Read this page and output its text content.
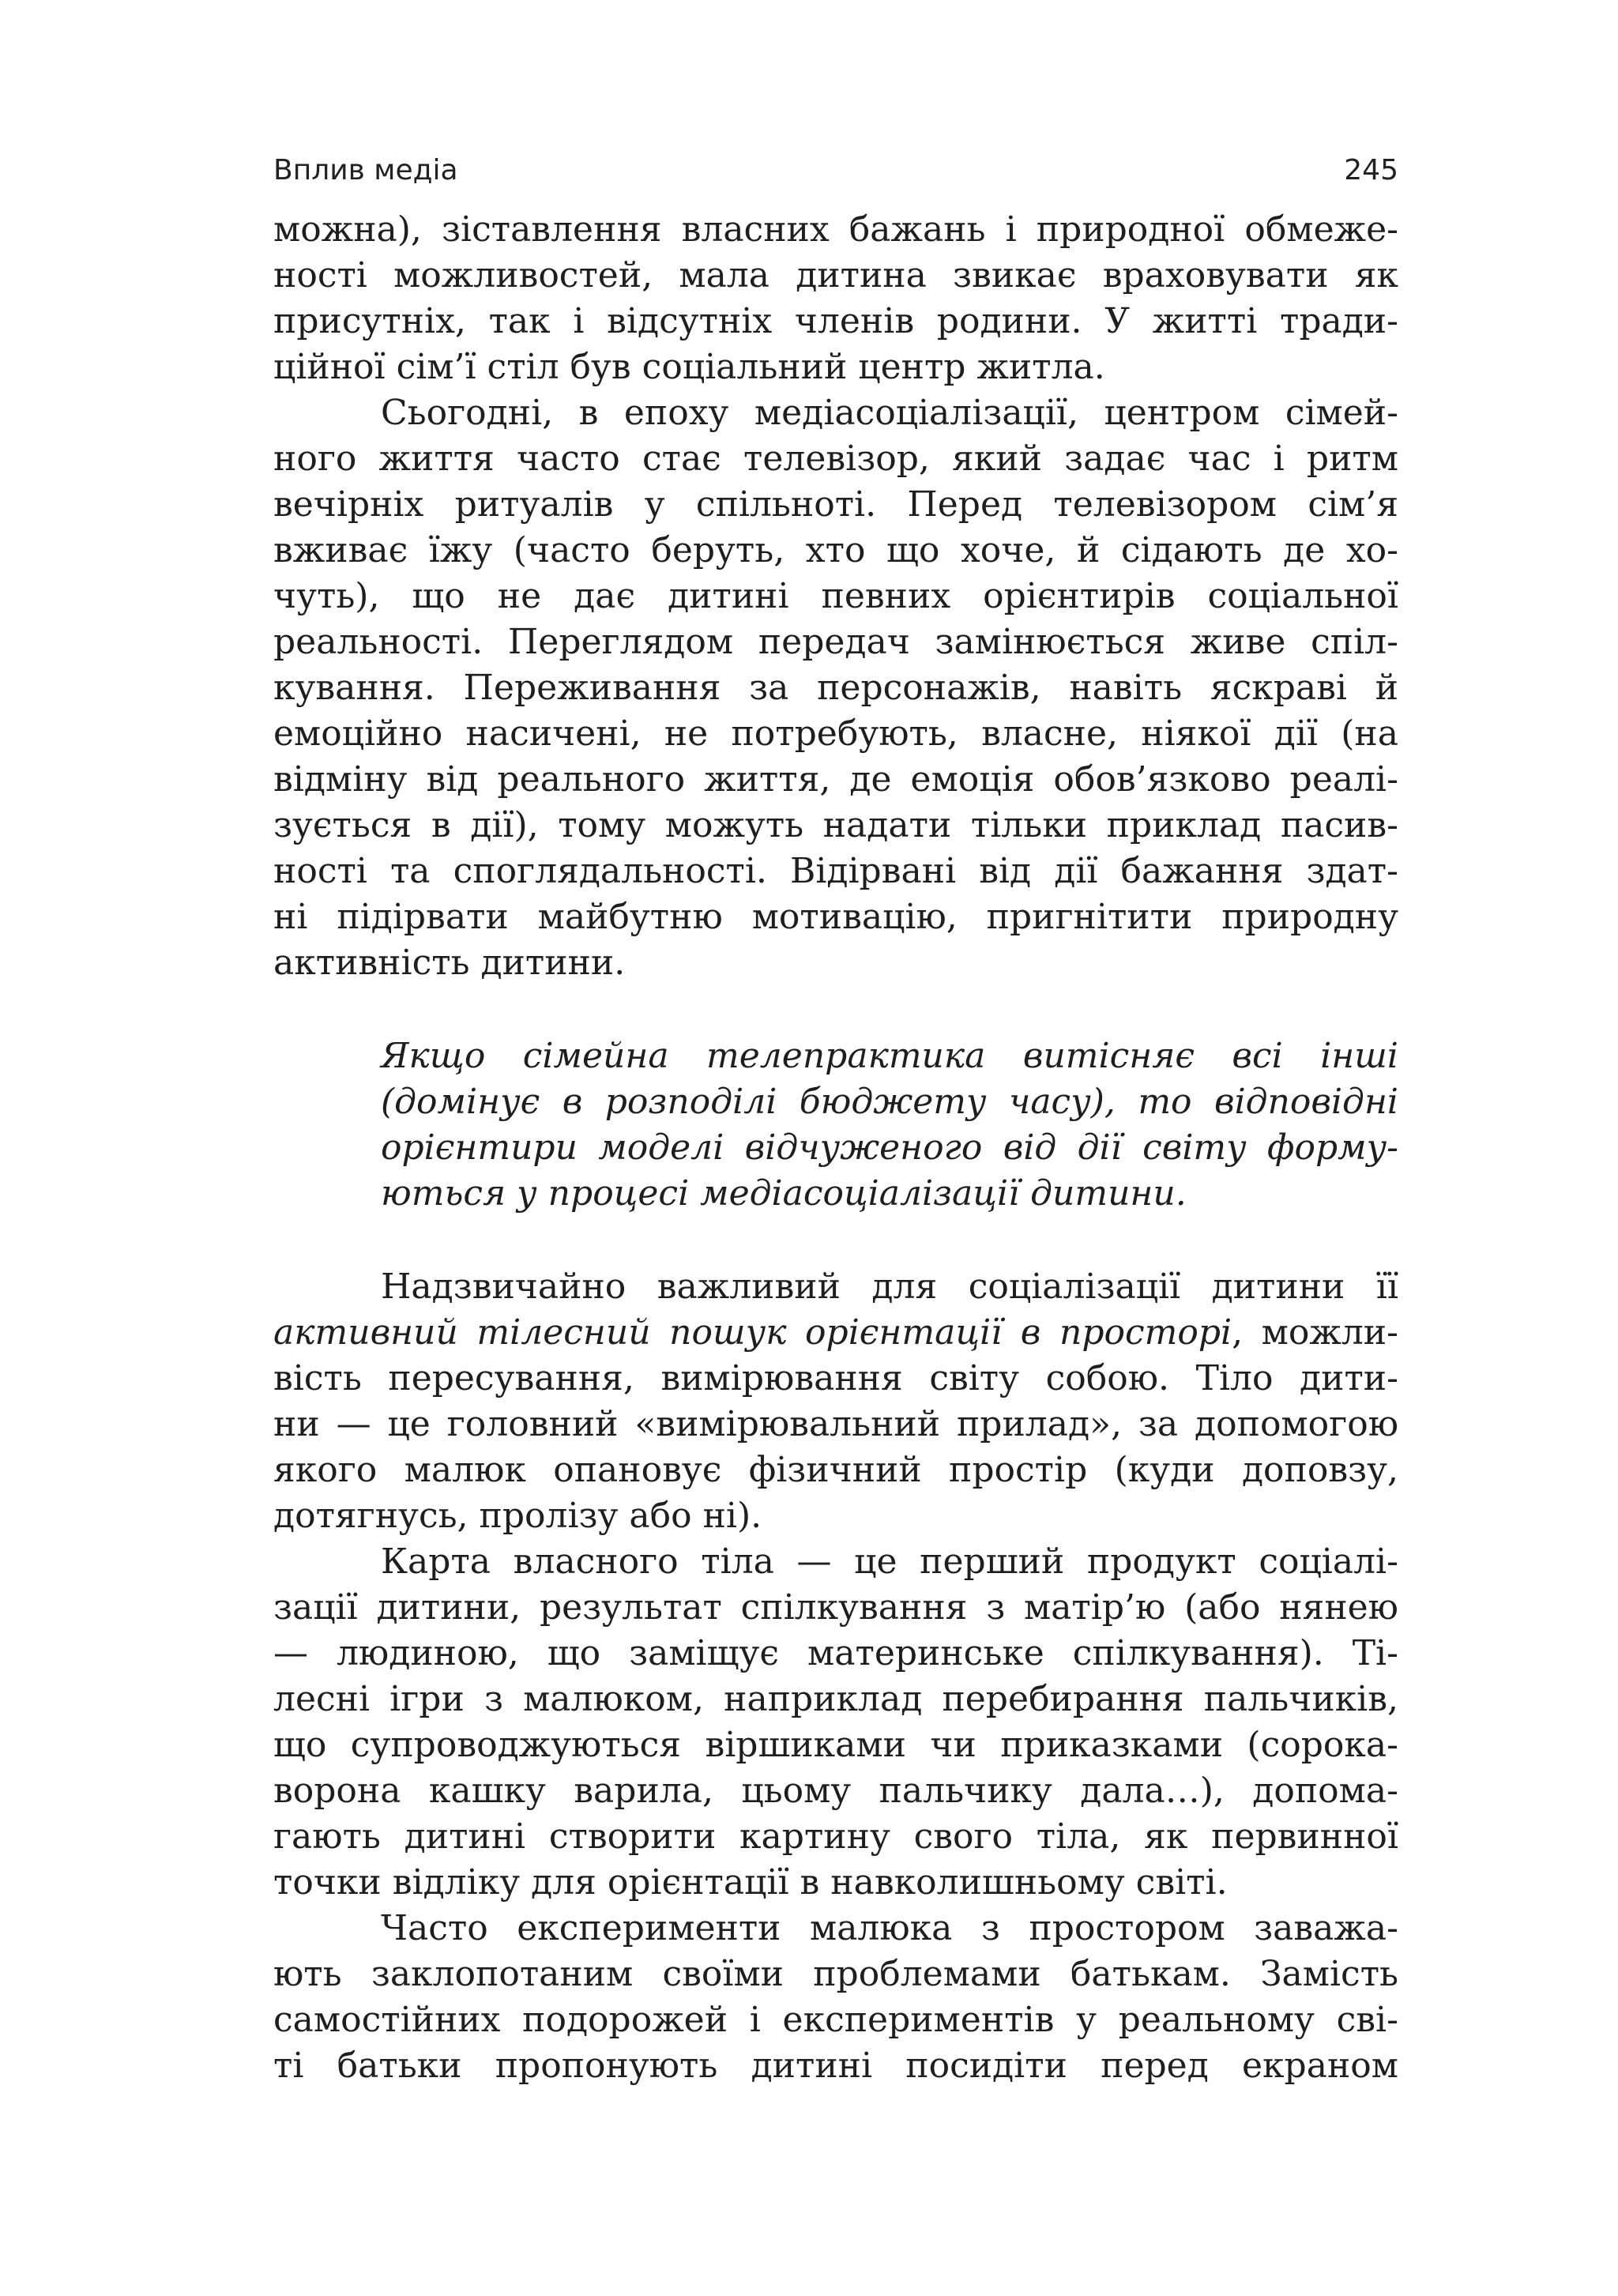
Вплив медіа	245
можна), зіставлення власних бажань і природної обмеже-
ності можливостей, мала дитина звикає враховувати як
присутніх, так і відсутніх членів родини. У житті тради-
ційної сім’ї стіл був соціальний центр житла.
Сьогодні, в епоху медіасоціалізації, центром сімей-
ного життя часто стає телевізор, який задає час і ритм
вечірніх ритуалів у спільноті. Перед телевізором сім’я
вживає їжу (часто беруть, хто що хоче, й сідають де хо-
чуть), що не дає дитині певних орієнтирів соціальної
реальності. Переглядом передач замінюється живе спіл-
кування. Переживання за персонажів, навіть яскраві й
емоційно насичені, не потребують, власне, ніякої дії (на
відміну від реального життя, де емоція обов’язково реалі-
зується в дії), тому можуть надати тільки приклад пасив-
ності та споглядальності. Відірвані від дії бажання здат-
ні підірвати майбутню мотивацію, пригнітити природну
активність дитини.
Якщо сімейна телепрактика витісняє всі інші
(домінує в розподілі бюджету часу), то відповідні
орієнтири моделі відчуженого від дії світу форму-
ються у процесі медіасоціалізації дитини.
Надзвичайно важливий для соціалізації дитини її
активний тілесний пошук орієнтації в просторі, можли-
вість пересування, вимірювання світу собою. Тіло дити-
ни — це головний «вимірювальний прилад», за допомогою
якого малюк опановує фізичний простір (куди доповзу,
дотягнусь, пролізу або ні).
Карта власного тіла — це перший продукт соціалі-
зації дитини, результат спілкування з матір’ю (або нянею
— людиною, що заміщує материнське спілкування). Ті-
лесні ігри з малюком, наприклад перебирання пальчиків,
що супроводжуються віршиками чи приказками (сорока-
ворона кашку варила, цьому пальчику дала…), допома-
гають дитині створити картину свого тіла, як первинної
точки відліку для орієнтації в навколишньому світі.
Часто експерименти малюка з простором заважа-
ють заклопотаним своїми проблемами батькам. Замість
самостійних подорожей і експериментів у реальному сві-
ті батьки пропонують дитині посидіти перед екраном
